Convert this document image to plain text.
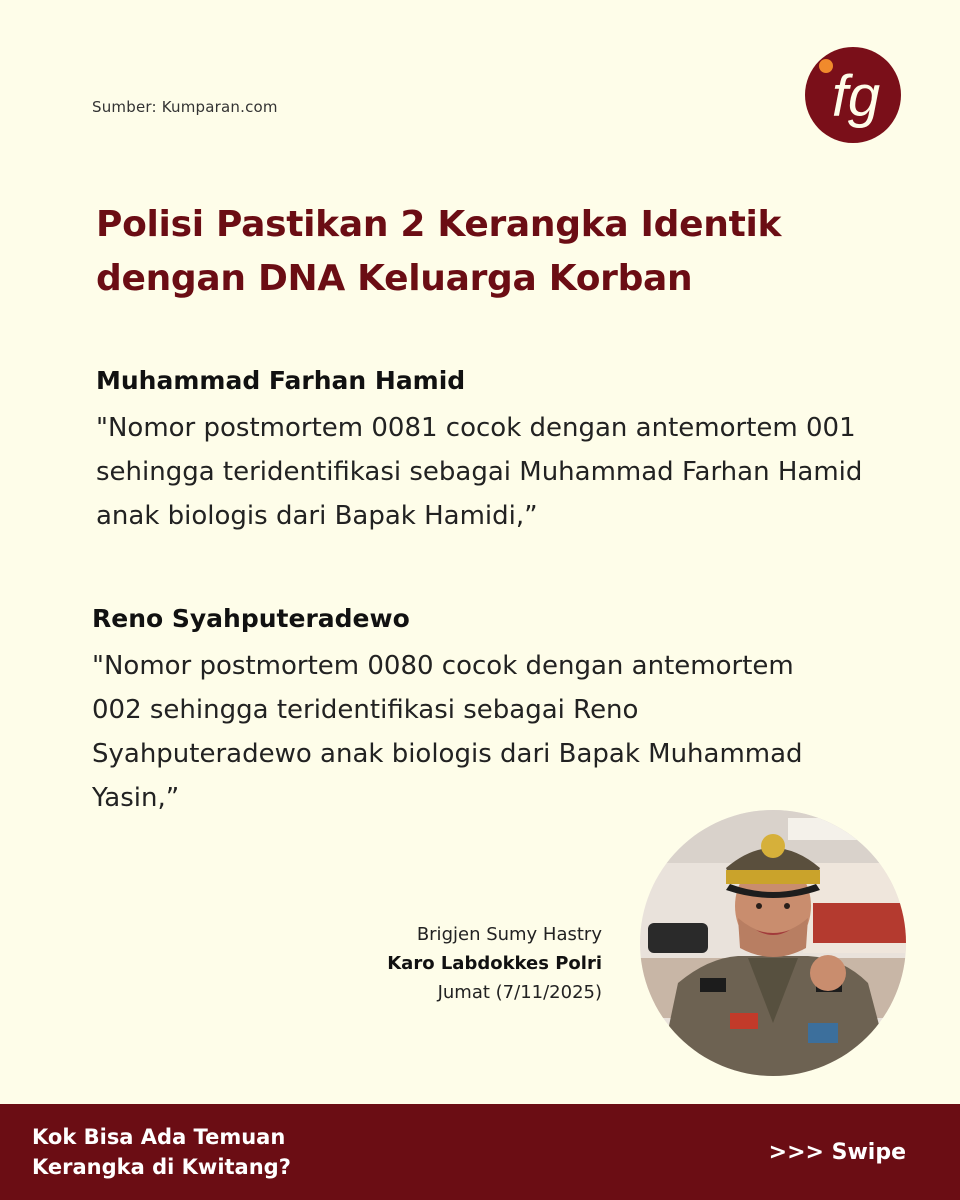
Sumber: Kumparan.com	fg
Polisi Pastikan 2 Kerangka Identik dengan DNA Keluarga Korban
Muhammad Farhan Hamid
"Nomor postmortem 0081 cocok dengan antemortem 001 sehingga teridentifikasi sebagai Muhammad Farhan Hamid anak biologis dari Bapak Hamidi,”
Reno Syahputeradewo
"Nomor postmortem 0080 cocok dengan antemortem 002 sehingga teridentifikasi sebagai Reno Syahputeradewo anak biologis dari Bapak Muhammad Yasin,”
Brigjen Sumy Hastry
Karo Labdokkes Polri
Jumat (7/11/2025)
Kok Bisa Ada Temuan Kerangka di Kwitang?
>>> Swipe
